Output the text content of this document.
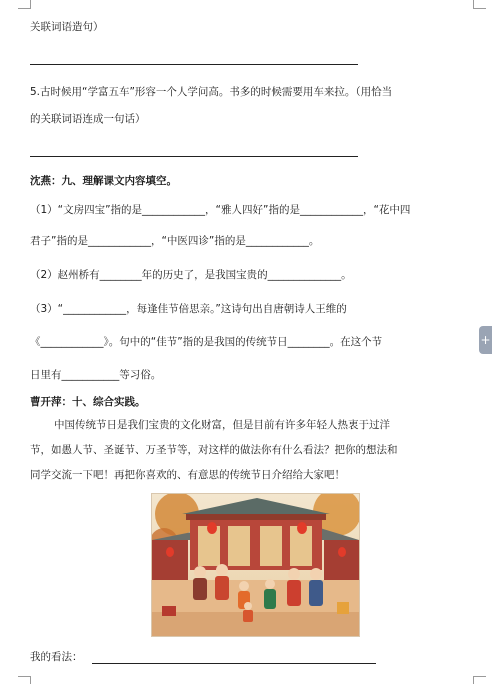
关联词语造句）
5.古时候用“学富五车”形容一个人学问高。书多的时候需要用车来拉。（用恰当
的关联词语连成一句话）
沈燕：九、理解课文内容填空。
（1）“文房四宝”指的是____________，“雅人四好”指的是____________，“花中四
君子”指的是____________，“中医四诊”指的是____________。
（2）赵州桥有________年的历史了，是我国宝贵的______________。
（3）“____________，每逢佳节倍思亲。”这诗句出自唐朝诗人王维的
《____________》。句中的“佳节”指的是我国的传统节日________。在这个节
日里有___________等习俗。
曹开萍：十、综合实践。
中国传统节日是我们宝贵的文化财富，但是目前有许多年轻人热衷于过洋
节，如愚人节、圣诞节、万圣节等，对这样的做法你有什么看法？把你的想法和
同学交流一下吧！再把你喜欢的、有意思的传统节日介绍给大家吧！
我的看法：
+
